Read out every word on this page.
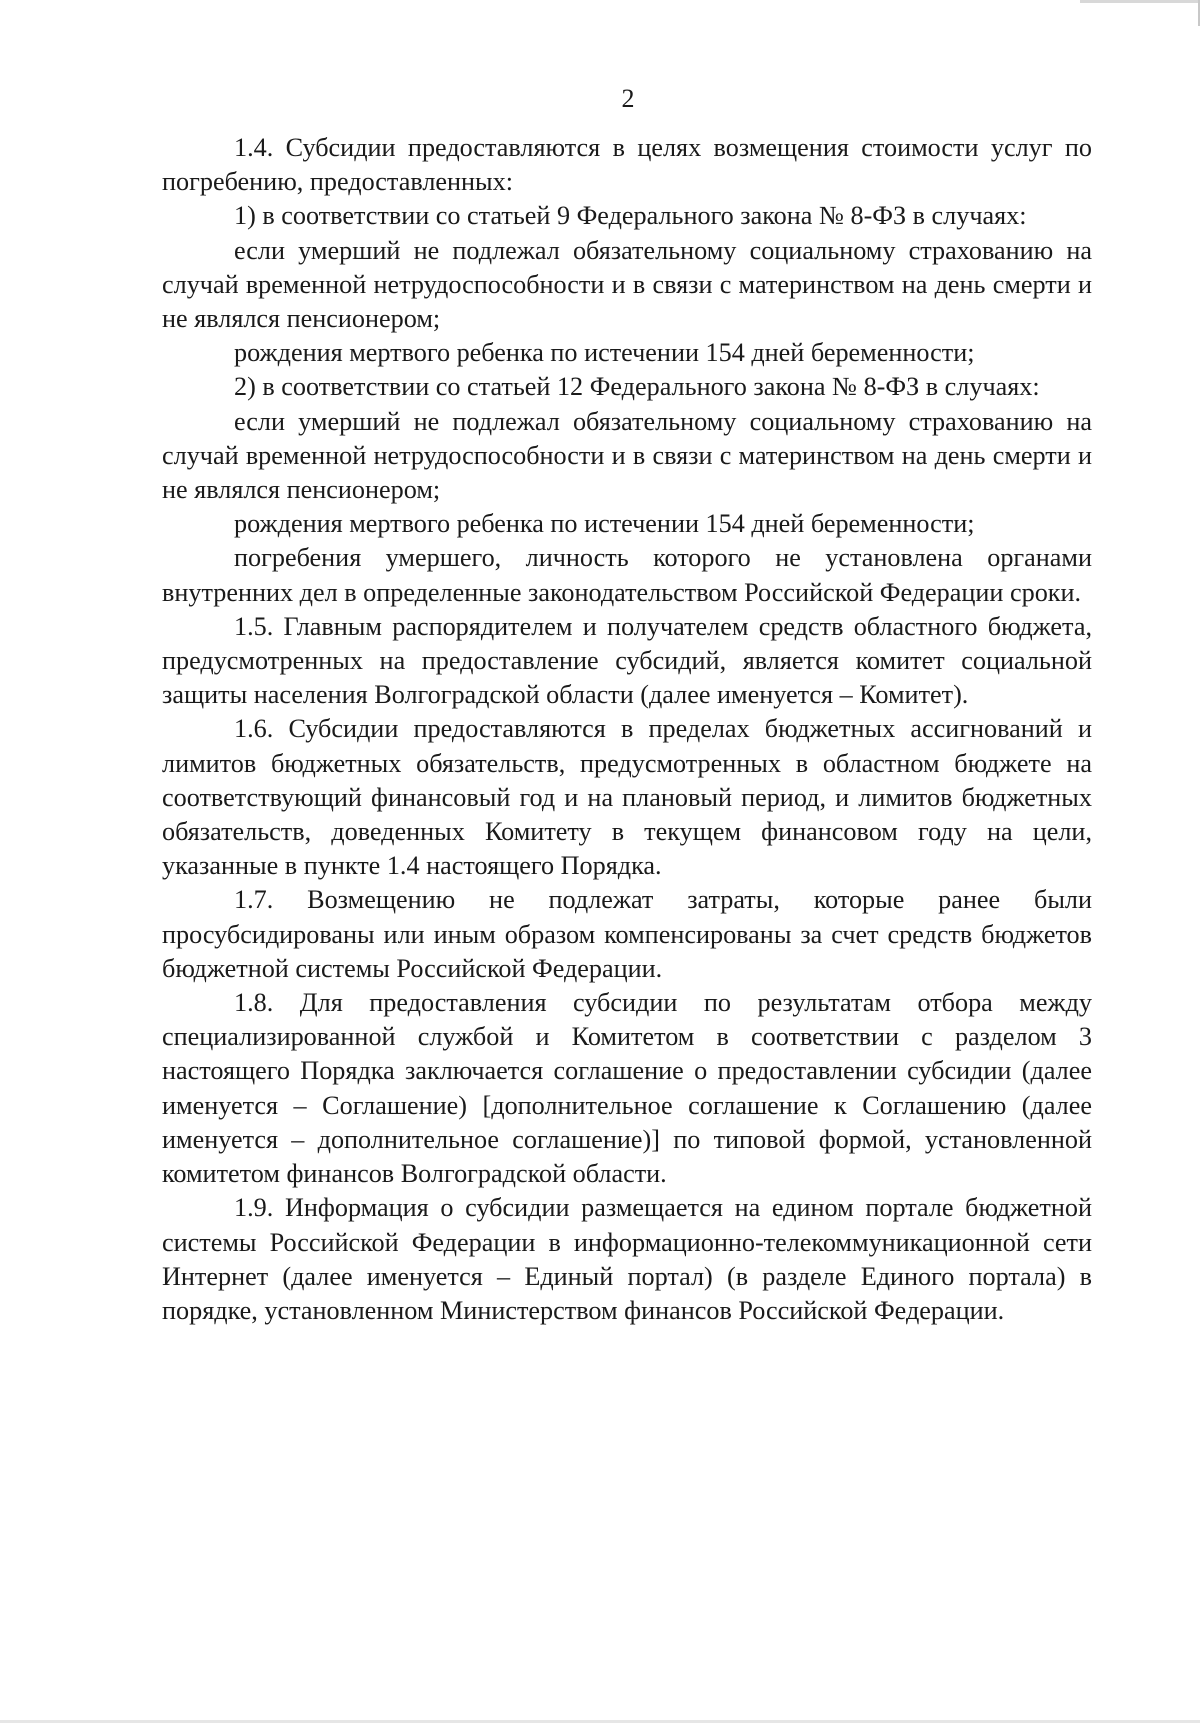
2

1.4. Субсидии предоставляются в целях возмещения стоимости услуг по погребению, предоставленных:

1) в соответствии со статьей 9 Федерального закона № 8-ФЗ в случаях:

если умерший не подлежал обязательному социальному страхованию на случай временной нетрудоспособности и в связи с материнством на день смерти и не являлся пенсионером;

рождения мертвого ребенка по истечении 154 дней беременности;

2) в соответствии со статьей 12 Федерального закона № 8-ФЗ в случаях:

если умерший не подлежал обязательному социальному страхованию на случай временной нетрудоспособности и в связи с материнством на день смерти и не являлся пенсионером;

рождения мертвого ребенка по истечении 154 дней беременности;

погребения умершего, личность которого не установлена органами внутренних дел в определенные законодательством Российской Федерации сроки.

1.5. Главным распорядителем и получателем средств областного бюджета, предусмотренных на предоставление субсидий, является комитет социальной защиты населения Волгоградской области (далее именуется – Комитет).

1.6. Субсидии предоставляются в пределах бюджетных ассигнований и лимитов бюджетных обязательств, предусмотренных в областном бюджете на соответствующий финансовый год и на плановый период, и лимитов бюджетных обязательств, доведенных Комитету в текущем финансовом году на цели, указанные в пункте 1.4 настоящего Порядка.

1.7. Возмещению не подлежат затраты, которые ранее были просубсидированы или иным образом компенсированы за счет средств бюджетов бюджетной системы Российской Федерации.

1.8. Для предоставления субсидии по результатам отбора между специализированной службой и Комитетом в соответствии с разделом 3 настоящего Порядка заключается соглашение о предоставлении субсидии (далее именуется – Соглашение) [дополнительное соглашение к Соглашению (далее именуется – дополнительное соглашение)] по типовой формой, установленной комитетом финансов Волгоградской области.

1.9. Информация о субсидии размещается на едином портале бюджетной системы Российской Федерации в информационно-телекоммуникационной сети Интернет (далее именуется – Единый портал) (в разделе Единого портала) в порядке, установленном Министерством финансов Российской Федерации.
